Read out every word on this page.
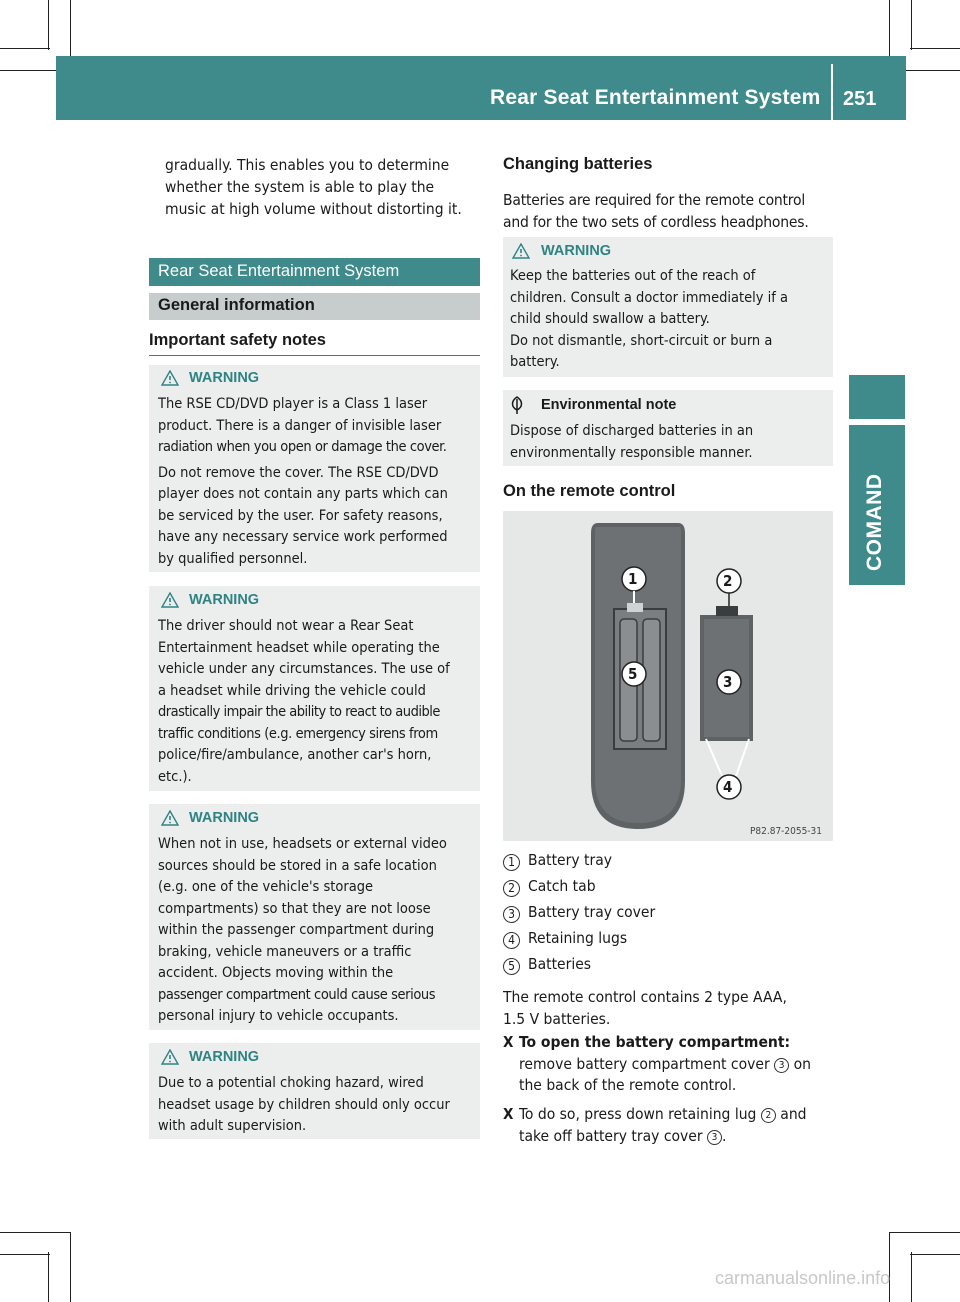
Rear Seat Entertainment System 251
COMAND
gradually. This enables you to determine
whether the system is able to play the
music at high volume without distorting it.
Rear Seat Entertainment System
General information
Important safety notes
WARNING

The RSE CD/DVD player is a Class 1 laser
product. There is a danger of invisible laser
radiation when you open or damage the cover.

Do not remove the cover. The RSE CD/DVD
player does not contain any parts which can
be serviced by the user. For safety reasons,
have any necessary service work performed
by qualified personnel.

WARNING

The driver should not wear a Rear Seat
Entertainment headset while operating the
vehicle under any circumstances. The use of
a headset while driving the vehicle could
drastically impair the ability to react to audible
traffic conditions (e.g. emergency sirens from
police/fire/ambulance, another car's horn,
etc.).

WARNING

When not in use, headsets or external video
sources should be stored in a safe location
(e.g. one of the vehicle's storage
compartments) so that they are not loose
within the passenger compartment during
braking, vehicle maneuvers or a traffic
accident. Objects moving within the
passenger compartment could cause serious
personal injury to vehicle occupants.

WARNING

Due to a potential choking hazard, wired
headset usage by children should only occur
with adult supervision.

Changing batteries
Batteries are required for the remote control
and for the two sets of cordless headphones.
WARNING
Keep the batteries out of the reach of
children. Consult a doctor immediately if a
child should swallow a battery.
Do not dismantle, short-circuit or burn a
battery.
Environmental note
Dispose of discharged batteries in an
environmentally responsible manner.
On the remote control
1	2
5	3
4
P82.87-2055-31
1 Battery tray
2 Catch tab
3 Battery tray cover
4 Retaining lugs
5 Batteries
The remote control contains 2 type AAA,
1.5 V batteries.
X To open the battery compartment:
remove battery compartment cover 3 on
the back of the remote control.
X To do so, press down retaining lug 2 and
take off battery tray cover 3 .
carmanualsonline.info
